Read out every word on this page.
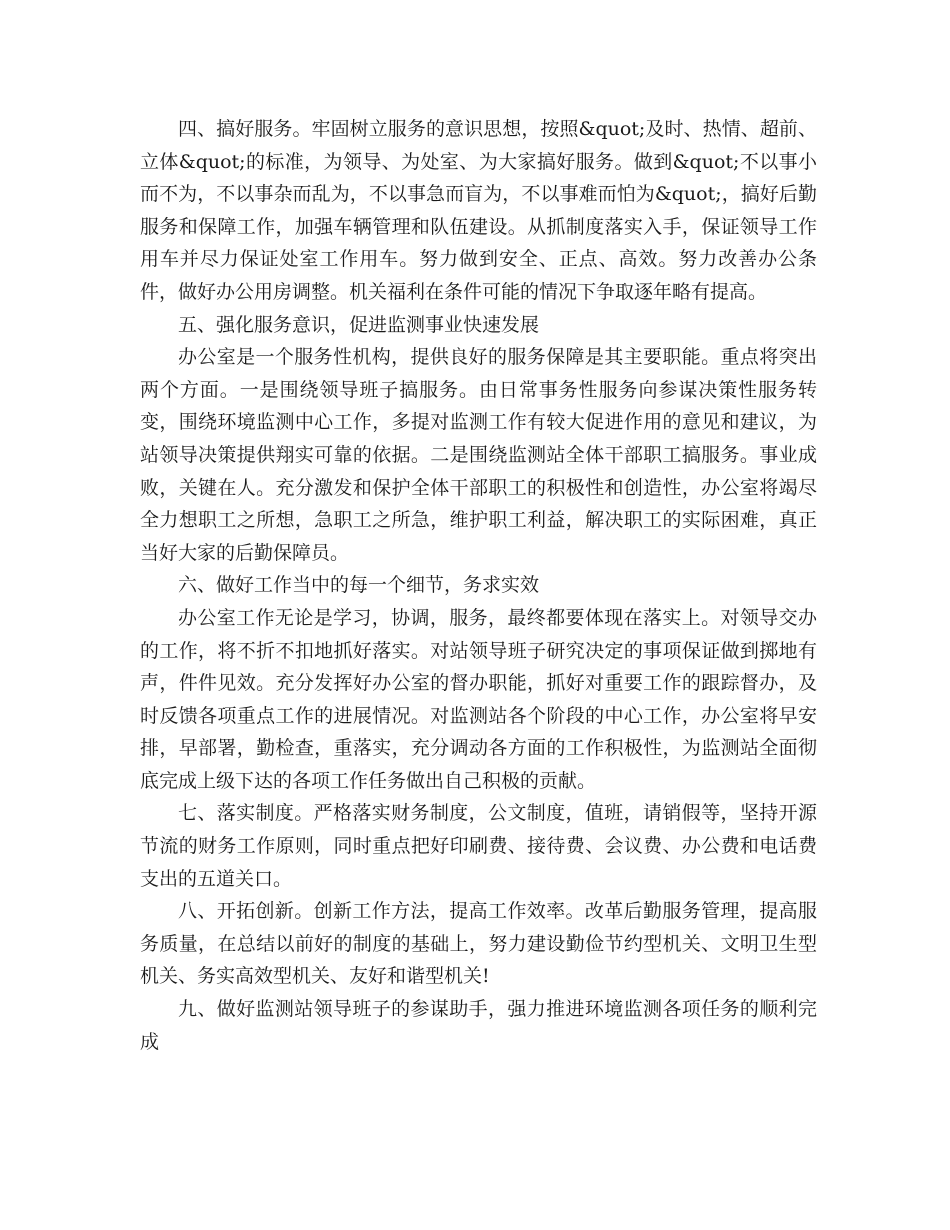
四、搞好服务。牢固树立服务的意识思想，按照&quot;及时、热情、超前、立体&quot;的标准，为领导、为处室、为大家搞好服务。做到&quot;不以事小而不为，不以事杂而乱为，不以事急而盲为，不以事难而怕为&quot;，搞好后勤服务和保障工作，加强车辆管理和队伍建设。从抓制度落实入手，保证领导工作用车并尽力保证处室工作用车。努力做到安全、正点、高效。努力改善办公条件，做好办公用房调整。机关福利在条件可能的情况下争取逐年略有提高。

五、强化服务意识，促进监测事业快速发展

办公室是一个服务性机构，提供良好的服务保障是其主要职能。重点将突出两个方面。一是围绕领导班子搞服务。由日常事务性服务向参谋决策性服务转变，围绕环境监测中心工作，多提对监测工作有较大促进作用的意见和建议，为站领导决策提供翔实可靠的依据。二是围绕监测站全体干部职工搞服务。事业成败，关键在人。充分激发和保护全体干部职工的积极性和创造性，办公室将竭尽全力想职工之所想，急职工之所急，维护职工利益，解决职工的实际困难，真正当好大家的后勤保障员。

六、做好工作当中的每一个细节，务求实效

办公室工作无论是学习，协调，服务，最终都要体现在落实上。对领导交办的工作，将不折不扣地抓好落实。对站领导班子研究决定的事项保证做到掷地有声，件件见效。充分发挥好办公室的督办职能，抓好对重要工作的跟踪督办，及时反馈各项重点工作的进展情况。对监测站各个阶段的中心工作，办公室将早安排，早部署，勤检查，重落实，充分调动各方面的工作积极性，为监测站全面彻底完成上级下达的各项工作任务做出自己积极的贡献。

七、落实制度。严格落实财务制度，公文制度，值班，请销假等，坚持开源节流的财务工作原则，同时重点把好印刷费、接待费、会议费、办公费和电话费支出的五道关口。

八、开拓创新。创新工作方法，提高工作效率。改革后勤服务管理，提高服务质量，在总结以前好的制度的基础上，努力建设勤俭节约型机关、文明卫生型机关、务实高效型机关、友好和谐型机关!

九、做好监测站领导班子的参谋助手，强力推进环境监测各项任务的顺利完成
